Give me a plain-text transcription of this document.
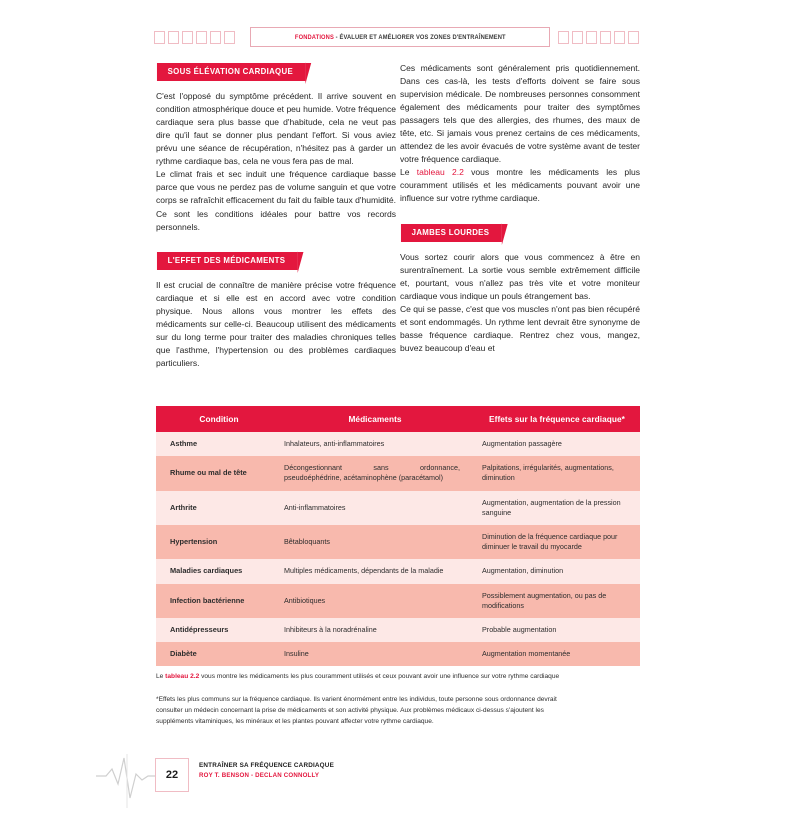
FONDATIONS - ÉVALUER ET AMÉLIORER VOS ZONES D'ENTRAÎNEMENT
SOUS ÉLÉVATION CARDIAQUE

C'est l'opposé du symptôme précédent. Il arrive souvent en condition atmosphérique douce et peu humide. Votre fréquence cardiaque sera plus basse que d'habitude, cela ne veut pas dire qu'il faut se donner plus pendant l'effort. Si vous aviez prévu une séance de récupération, n'hésitez pas à garder un rythme cardiaque bas, cela ne vous fera pas de mal.

Le climat frais et sec induit une fréquence cardiaque basse parce que vous ne perdez pas de volume sanguin et que votre corps se rafraîchit efficacement du fait du faible taux d'humidité. Ce sont les conditions idéales pour battre vos records personnels.

L'EFFET DES MÉDICAMENTS

Il est crucial de connaître de manière précise votre fréquence cardiaque et si elle est en accord avec votre condition physique. Nous allons vous montrer les effets des médicaments sur celle-ci. Beaucoup utilisent des médicaments sur du long terme pour traiter des maladies chroniques telles que l'asthme, l'hypertension ou des problèmes cardiaques particuliers.

Ces médicaments sont généralement pris quotidiennement. Dans ces cas-là, les tests d'efforts doivent se faire sous supervision médicale. De nombreuses personnes consomment également des médicaments pour traiter des symptômes passagers tels que des allergies, des rhumes, des maux de tête, etc. Si jamais vous prenez certains de ces médicaments, attendez de les avoir évacués de votre système avant de tester votre fréquence cardiaque.

Le tableau 2.2 vous montre les médicaments les plus couramment utilisés et les médicaments pouvant avoir une influence sur votre rythme cardiaque.

JAMBES LOURDES

Vous sortez courir alors que vous commencez à être en surentraînement. La sortie vous semble extrêmement difficile et, pourtant, vous n'allez pas très vite et votre moniteur cardiaque vous indique un pouls étrangement bas.

Ce qui se passe, c'est que vos muscles n'ont pas bien récupéré et sont endommagés. Un rythme lent devrait être synonyme de basse fréquence cardiaque. Rentrez chez vous, mangez, buvez beaucoup d'eau et

Condition	Médicaments	Effets sur la fréquence cardiaque*
Asthme	Inhalateurs, anti-inflammatoires	Augmentation passagère
Rhume ou mal de tête	Décongestionnant sans ordonnance, pseudoéphédrine, acétaminophène (paracétamol)	Palpitations, irrégularités, augmentations, diminution
Arthrite	Anti-inflammatoires	Augmentation, augmentation de la pression sanguine
Hypertension	Bêtabloquants	Diminution de la fréquence cardiaque pour diminuer le travail du myocarde
Maladies cardiaques	Multiples médicaments, dépendants de la maladie	Augmentation, diminution
Infection bactérienne	Antibiotiques	Possiblement augmentation, ou pas de modifications
Antidépresseurs	Inhibiteurs à la noradrénaline	Probable augmentation
Diabète	Insuline	Augmentation momentanée
Le tableau 2.2 vous montre les médicaments les plus couramment utilisés et ceux pouvant avoir une influence sur votre rythme cardiaque
*Effets les plus communs sur la fréquence cardiaque. Ils varient énormément entre les individus, toute personne sous ordonnance devrait consulter un médecin concernant la prise de médicaments et son activité physique. Aux problèmes médicaux ci-dessus s'ajoutent les suppléments vitaminiques, les minéraux et les plantes pouvant affecter votre rythme cardiaque.
22
ENTRAÎNER SA FRÉQUENCE CARDIAQUE
ROY T. BENSON - DECLAN CONNOLLY
